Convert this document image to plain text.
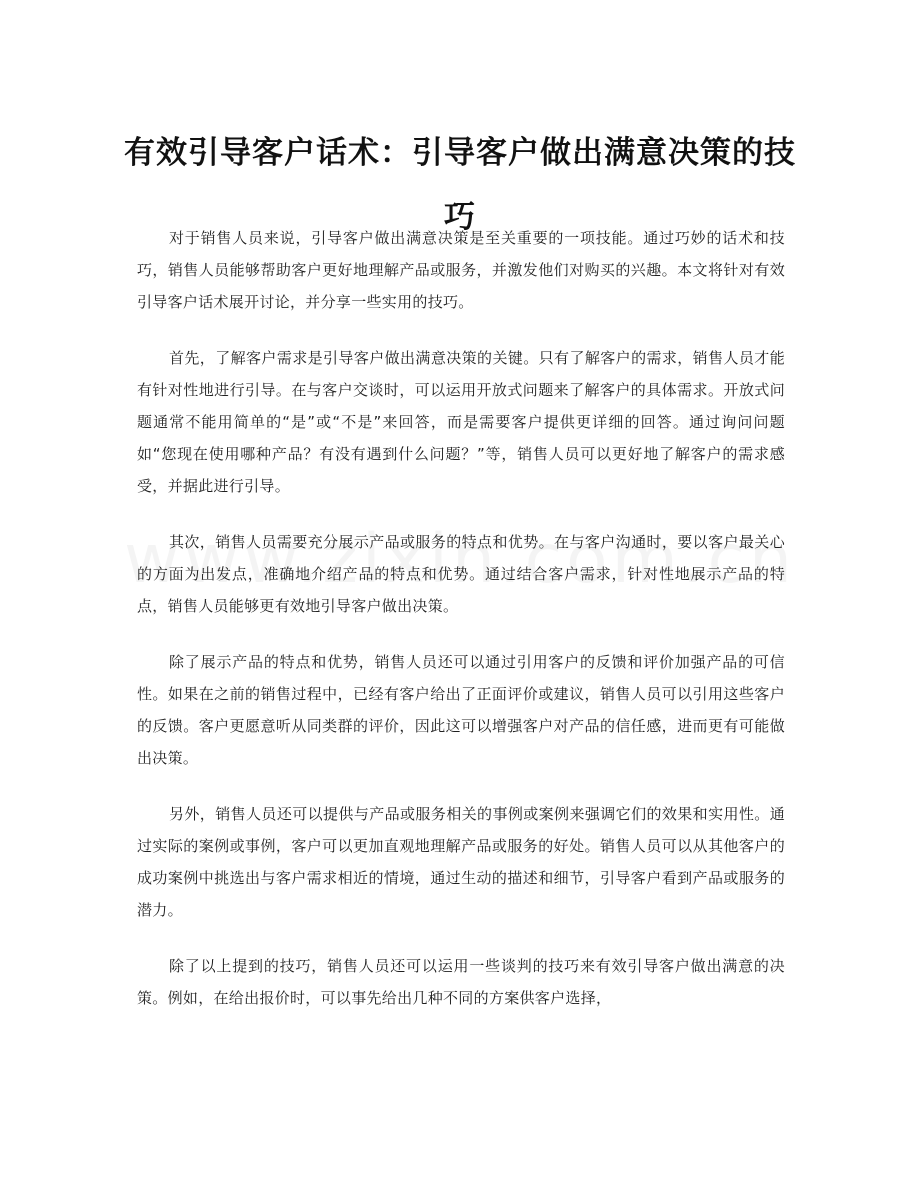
有效引导客户话术：引导客户做出满意决策的技巧

对于销售人员来说，引导客户做出满意决策是至关重要的一项技能。通过巧妙的话术和技巧，销售人员能够帮助客户更好地理解产品或服务，并激发他们对购买的兴趣。本文将针对有效引导客户话术展开讨论，并分享一些实用的技巧。

首先，了解客户需求是引导客户做出满意决策的关键。只有了解客户的需求，销售人员才能有针对性地进行引导。在与客户交谈时，可以运用开放式问题来了解客户的具体需求。开放式问题通常不能用简单的“是”或“不是”来回答，而是需要客户提供更详细的回答。通过询问问题如“您现在使用哪种产品？有没有遇到什么问题？”等，销售人员可以更好地了解客户的需求感受，并据此进行引导。

其次，销售人员需要充分展示产品或服务的特点和优势。在与客户沟通时，要以客户最关心的方面为出发点，准确地介绍产品的特点和优势。通过结合客户需求，针对性地展示产品的特点，销售人员能够更有效地引导客户做出决策。

除了展示产品的特点和优势，销售人员还可以通过引用客户的反馈和评价加强产品的可信性。如果在之前的销售过程中，已经有客户给出了正面评价或建议，销售人员可以引用这些客户的反馈。客户更愿意听从同类群的评价，因此这可以增强客户对产品的信任感，进而更有可能做出决策。

另外，销售人员还可以提供与产品或服务相关的事例或案例来强调它们的效果和实用性。通过实际的案例或事例，客户可以更加直观地理解产品或服务的好处。销售人员可以从其他客户的成功案例中挑选出与客户需求相近的情境，通过生动的描述和细节，引导客户看到产品或服务的潜力。

除了以上提到的技巧，销售人员还可以运用一些谈判的技巧来有效引导客户做出满意的决策。例如，在给出报价时，可以事先给出几种不同的方案供客户选择，
